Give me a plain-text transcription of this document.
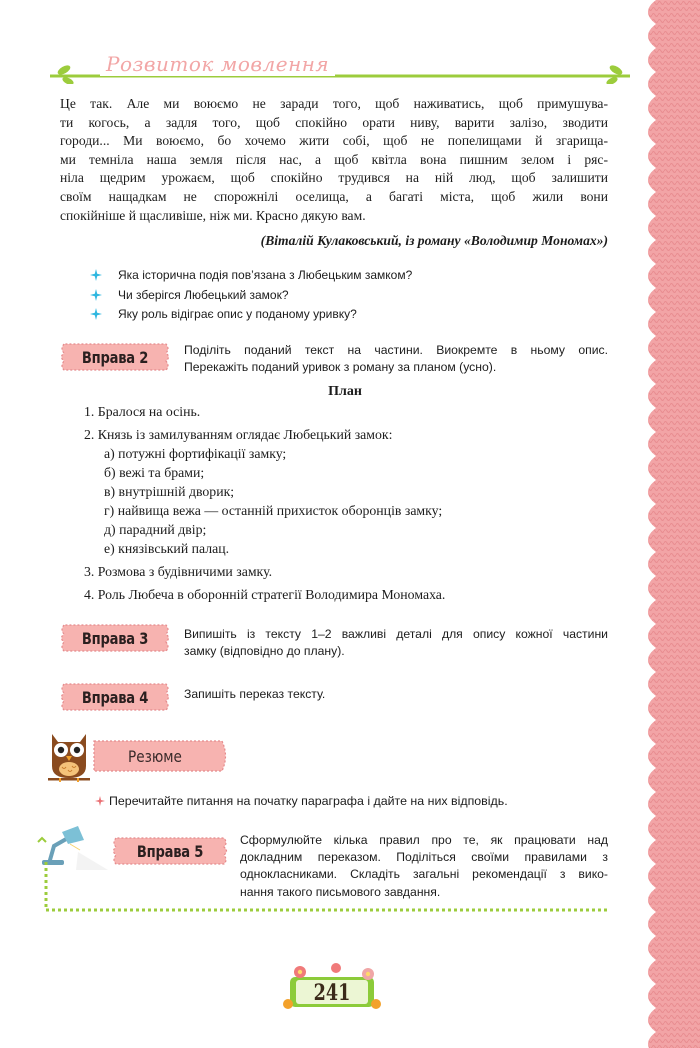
Розвиток мовлення
Це так. Але ми воюємо не заради того, щоб наживатись, щоб примушува-
ти когось, а задля того, щоб спокійно орати ниву, варити залізо, зводити
городи... Ми воюємо, бо хочемо жити собі, щоб не попелищами й згарища-
ми темніла наша земля після нас, а щоб квітла вона пишним зелом і ряс-
ніла щедрим урожаєм, щоб спокійно трудився на ній люд, щоб залишити
своїм нащадкам не спорожнілі оселища, а багаті міста, щоб жили вони
спокійніше й щасливіше, ніж ми. Красно дякую вам.
(Віталій Кулаковський, із роману «Володимир Мономах»)
Яка історична подія пов’язана з Любецьким замком?
Чи зберігся Любецький замок?
Яку роль відіграє опис у поданому уривку?
Вправа 2	Поділіть поданий текст на частини. Виокремте в ньому опис.
Перекажіть поданий уривок з роману за планом (усно).
План
1. Бралося на осінь.
2. Князь із замилуванням оглядає Любецький замок:
а) потужні фортифікації замку;
б) вежі та брами;
в) внутрішній дворик;
г) найвища вежа — останній прихисток оборонців замку;
д) парадний двір;
е) князівський палац.
3. Розмова з будівничими замку.
4. Роль Любеча в оборонній стратегії Володимира Мономаха.
Вправа 3	Випишіть із тексту 1–2 важливі деталі для опису кожної частини
замку (відповідно до плану).
Вправа 4	Запишіть переказ тексту.
Резюме
Перечитайте питання на початку параграфа і дайте на них відповідь.
Вправа 5
Сформулюйте кілька правил про те, як працювати над
докладним переказом. Поділіться своїми правилами з
однокласниками. Складіть загальні рекомендації з вико-
нання такого письмового завдання.
241
